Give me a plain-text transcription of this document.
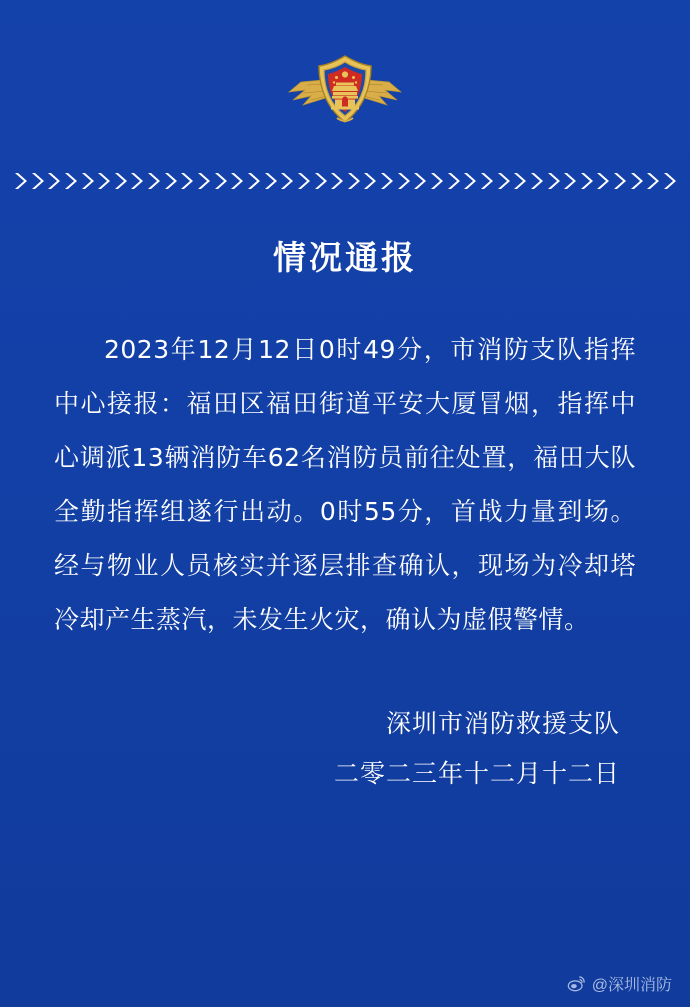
情况通报

2023年12月12日0时49分，市消防支队指挥中心接报：福田区福田街道平安大厦冒烟，指挥中心调派13辆消防车62名消防员前往处置，福田大队全勤指挥组遂行出动。0时55分，首战力量到场。经与物业人员核实并逐层排查确认，现场为冷却塔冷却产生蒸汽，未发生火灾，确认为虚假警情。

深圳市消防救援支队
二零二三年十二月十二日
@深圳消防
